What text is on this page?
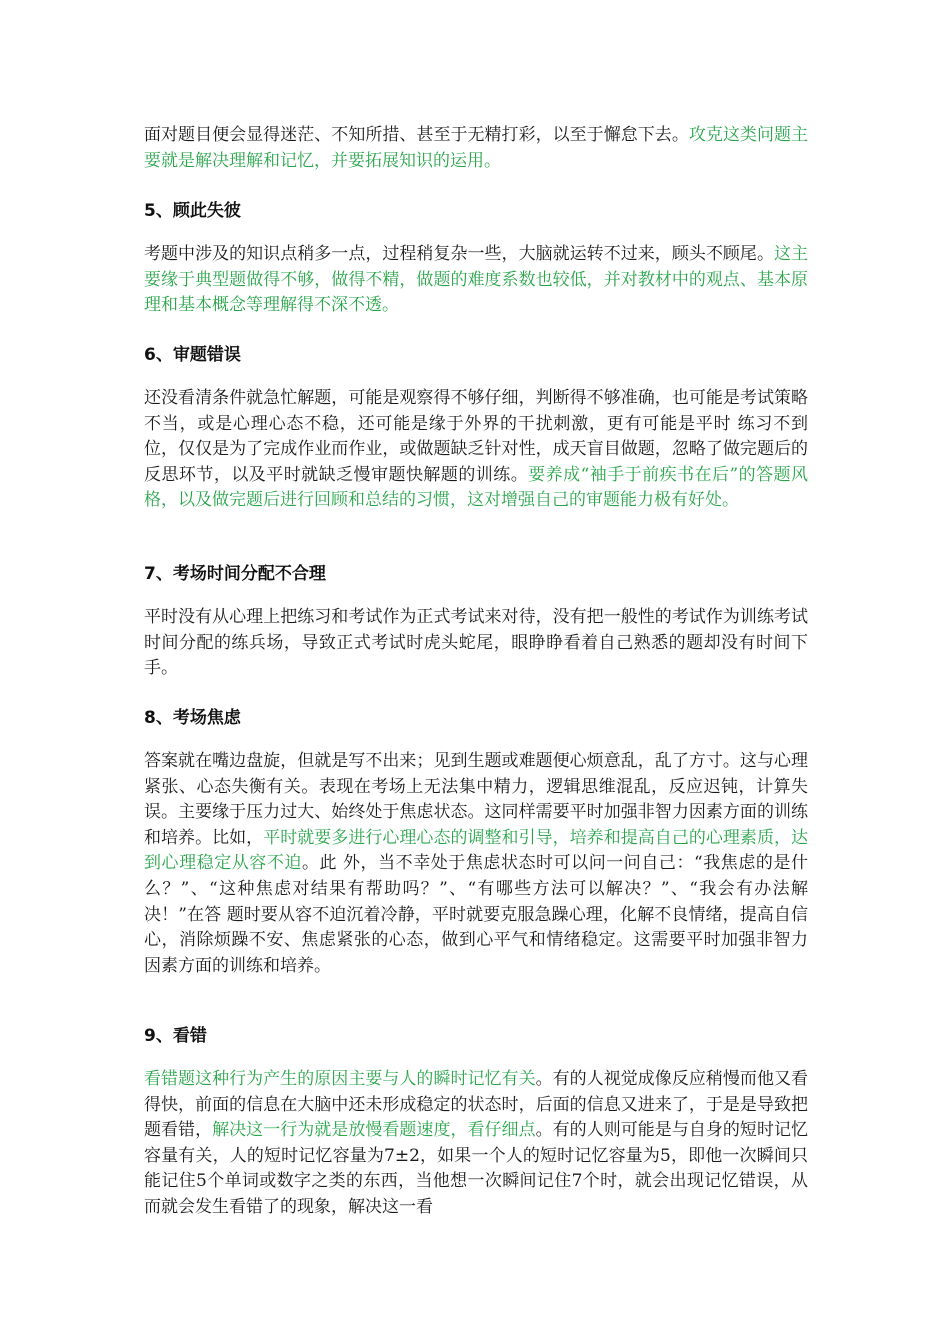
面对题目便会显得迷茫、不知所措、甚至于无精打彩，以至于懈怠下去。攻克这类问题主要就是解决理解和记忆，并要拓展知识的运用。

5、顾此失彼

考题中涉及的知识点稍多一点，过程稍复杂一些，大脑就运转不过来，顾头不顾尾。这主要缘于典型题做得不够，做得不精，做题的难度系数也较低，并对教材中的观点、基本原理和基本概念等理解得不深不透。

6、审题错误

还没看清条件就急忙解题，可能是观察得不够仔细，判断得不够准确，也可能是考试策略不当，或是心理心态不稳，还可能是缘于外界的干扰刺激，更有可能是平时 练习不到位，仅仅是为了完成作业而作业，或做题缺乏针对性，成天盲目做题，忽略了做完题后的反思环节，以及平时就缺乏慢审题快解题的训练。要养成“袖手于前疾书在后”的答题风格，以及做完题后进行回顾和总结的习惯，这对增强自己的审题能力极有好处。

7、考场时间分配不合理

平时没有从心理上把练习和考试作为正式考试来对待，没有把一般性的考试作为训练考试时间分配的练兵场，导致正式考试时虎头蛇尾，眼睁睁看着自己熟悉的题却没有时间下手。

8、考场焦虑

答案就在嘴边盘旋，但就是写不出来；见到生题或难题便心烦意乱，乱了方寸。这与心理紧张、心态失衡有关。表现在考场上无法集中精力，逻辑思维混乱，反应迟钝，计算失误。主要缘于压力过大、始终处于焦虑状态。这同样需要平时加强非智力因素方面的训练和培养。比如，平时就要多进行心理心态的调整和引导，培养和提高自己的心理素质，达到心理稳定从容不迫。此 外，当不幸处于焦虑状态时可以问一问自己：“我焦虑的是什么？”、“这种焦虑对结果有帮助吗？”、“有哪些方法可以解决？”、“我会有办法解决！”在答 题时要从容不迫沉着冷静，平时就要克服急躁心理，化解不良情绪，提高自信心，消除烦躁不安、焦虑紧张的心态，做到心平气和情绪稳定。这需要平时加强非智力 因素方面的训练和培养。

9、看错

看错题这种行为产生的原因主要与人的瞬时记忆有关。有的人视觉成像反应稍慢而他又看得快，前面的信息在大脑中还未形成稳定的状态时，后面的信息又进来了，于是是导致把题看错，解决这一行为就是放慢看题速度，看仔细点。有的人则可能是与自身的短时记忆容量有关，人的短时记忆容量为7±2，如果一个人的短时记忆容量为5，即他一次瞬间只能记住5个单词或数字之类的东西，当他想一次瞬间记住7个时，就会出现记忆错误，从而就会发生看错了的现象，解决这一看
